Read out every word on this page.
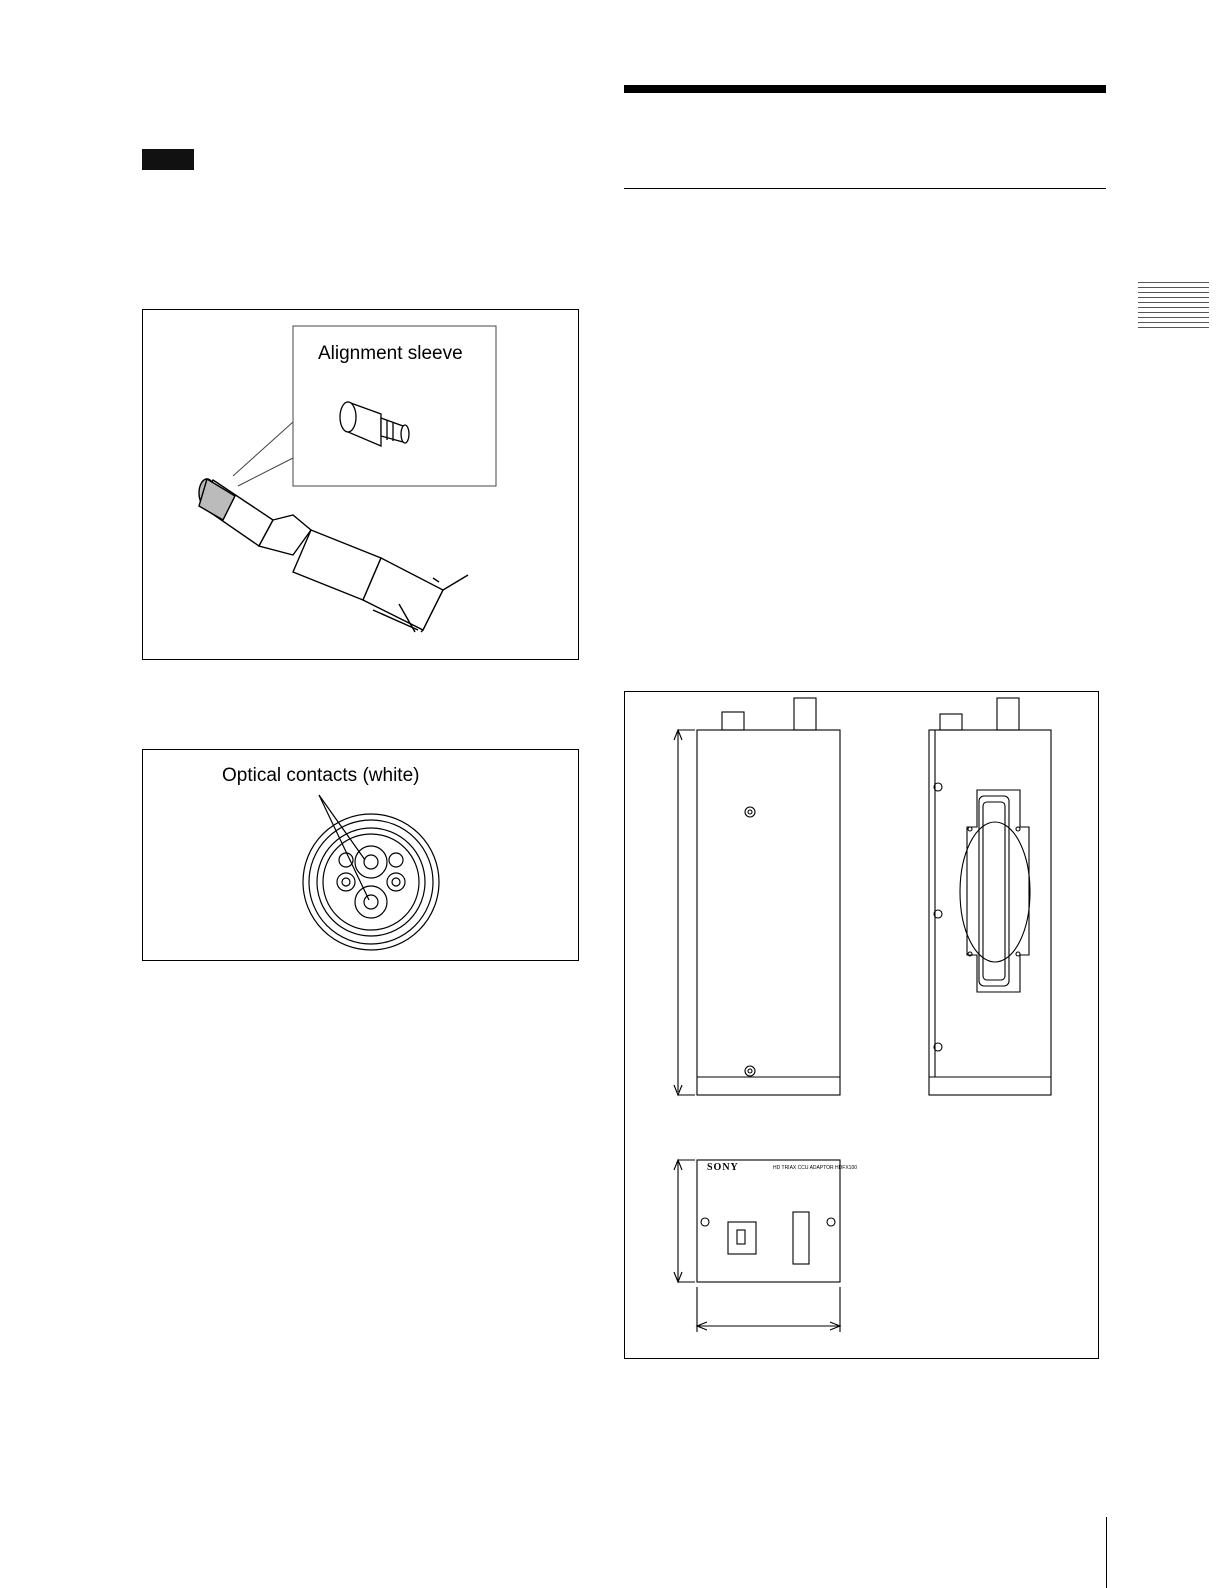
Alignment sleeve
Optical contacts (white)
SONY	HD TRIAX CCU ADAPTOR HDFX100
